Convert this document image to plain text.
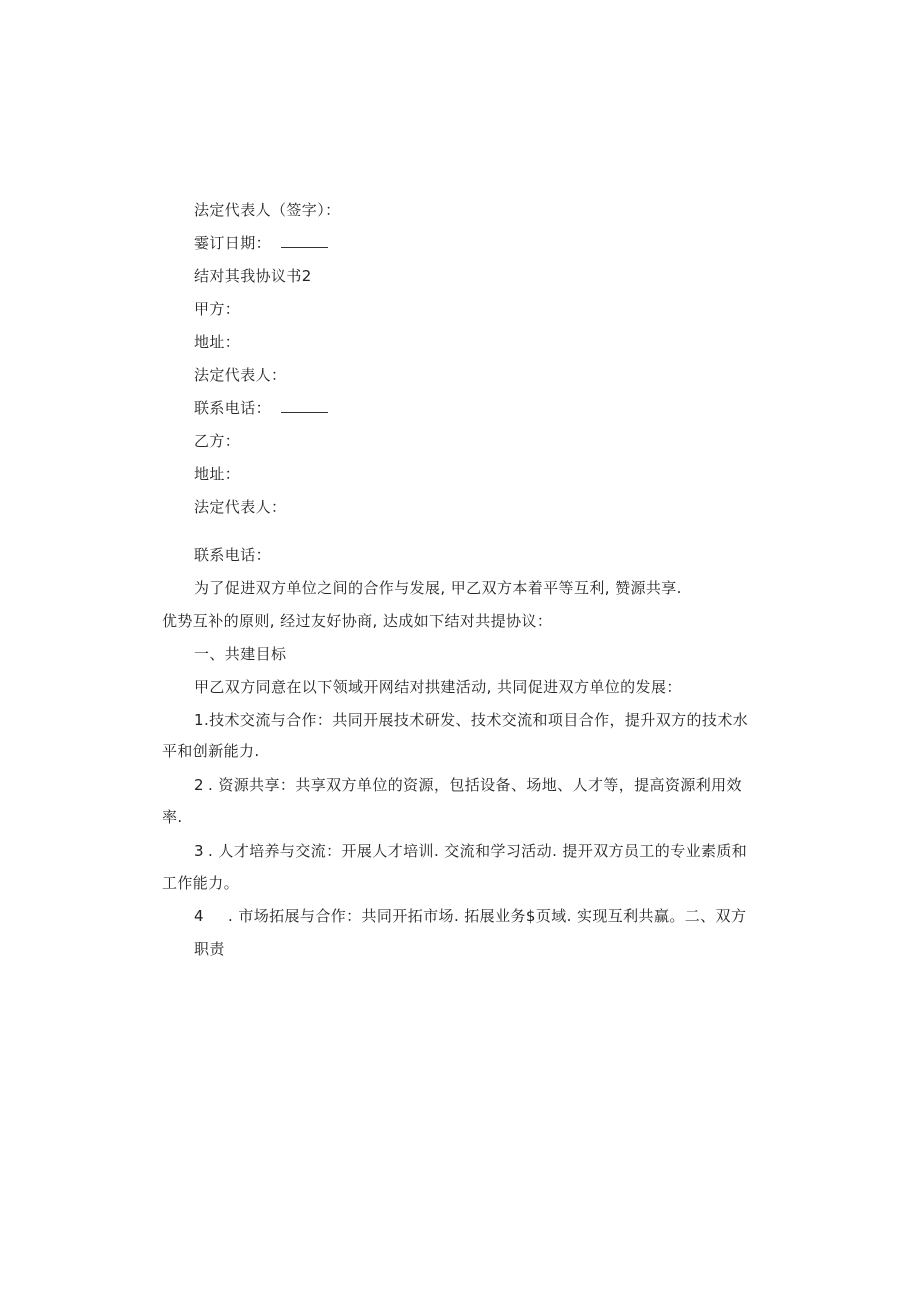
法定代表人（签字）：
霎订日期：
结对其我协议书2
甲方：
地址：
法定代表人：
联系电话：
乙方：
地址：
法定代表人：
联系电话：
为了促进双方单位之间的合作与发展, 甲乙双方本着平等互利, 赞源共享.
优势互补的原则, 经过友好协商, 达成如下结对共提协议：
一、共建目标
甲乙双方同意在以下领域开网结对拱建活动, 共同促进双方单位的发展：
1.技术交流与合作：共同开展技术研发、技术交流和项目合作，提升双方的技术水
平和创新能力.
2 . 资源共享：共享双方单位的资源，包括设备、场地、人才等，提高资源利用效
率.
3 . 人才培养与交流：开展人才培训. 交流和学习活动. 提开双方员工的专业素质和
工作能力。
4 . 市场拓展与合作：共同开拓市场. 拓展业务$页域. 实现互利共赢。二、双方
职责
